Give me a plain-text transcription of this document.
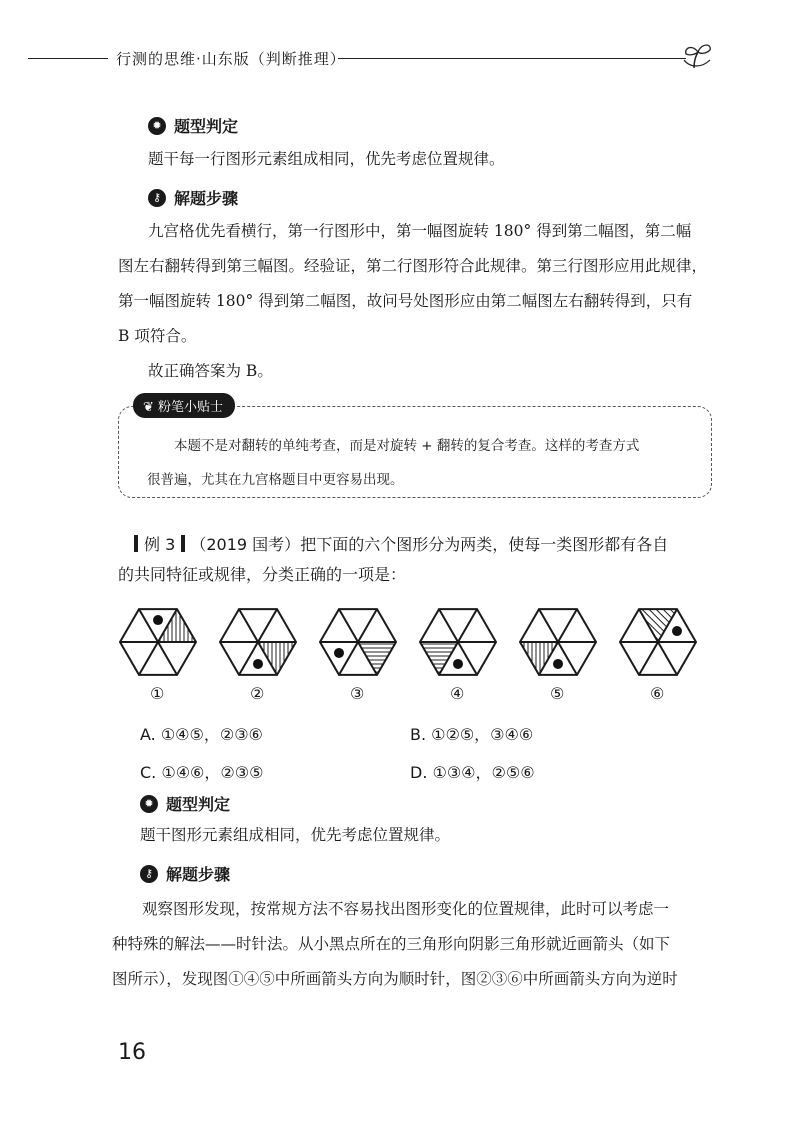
行测的思维·山东版（判断推理）
✹ 题型判定
题干每一行图形元素组成相同，优先考虑位置规律。
⚷ 解题步骤
九宫格优先看横行，第一行图形中，第一幅图旋转 180° 得到第二幅图，第二幅
图左右翻转得到第三幅图。经验证，第二行图形符合此规律。第三行图形应用此规律，
第一幅图旋转 180° 得到第二幅图，故问号处图形应由第二幅图左右翻转得到，只有
B 项符合。
故正确答案为 B。
❦ 粉笔小贴士
本题不是对翻转的单纯考查，而是对旋转 + 翻转的复合考查。这样的考查方式
很普遍，尤其在九宫格题目中更容易出现。
例 3 （2019 国考）把下面的六个图形分为两类，使每一类图形都有各自
的共同特征或规律，分类正确的一项是：
①	②	③	④	⑤	⑥
A. ①④⑤，②③⑥	B. ①②⑤，③④⑥
C. ①④⑥，②③⑤	D. ①③④，②⑤⑥
✹ 题型判定
题干图形元素组成相同，优先考虑位置规律。
⚷ 解题步骤
观察图形发现，按常规方法不容易找出图形变化的位置规律，此时可以考虑一
种特殊的解法——时针法。从小黑点所在的三角形向阴影三角形就近画箭头（如下
图所示），发现图①④⑤中所画箭头方向为顺时针，图②③⑥中所画箭头方向为逆时
16
